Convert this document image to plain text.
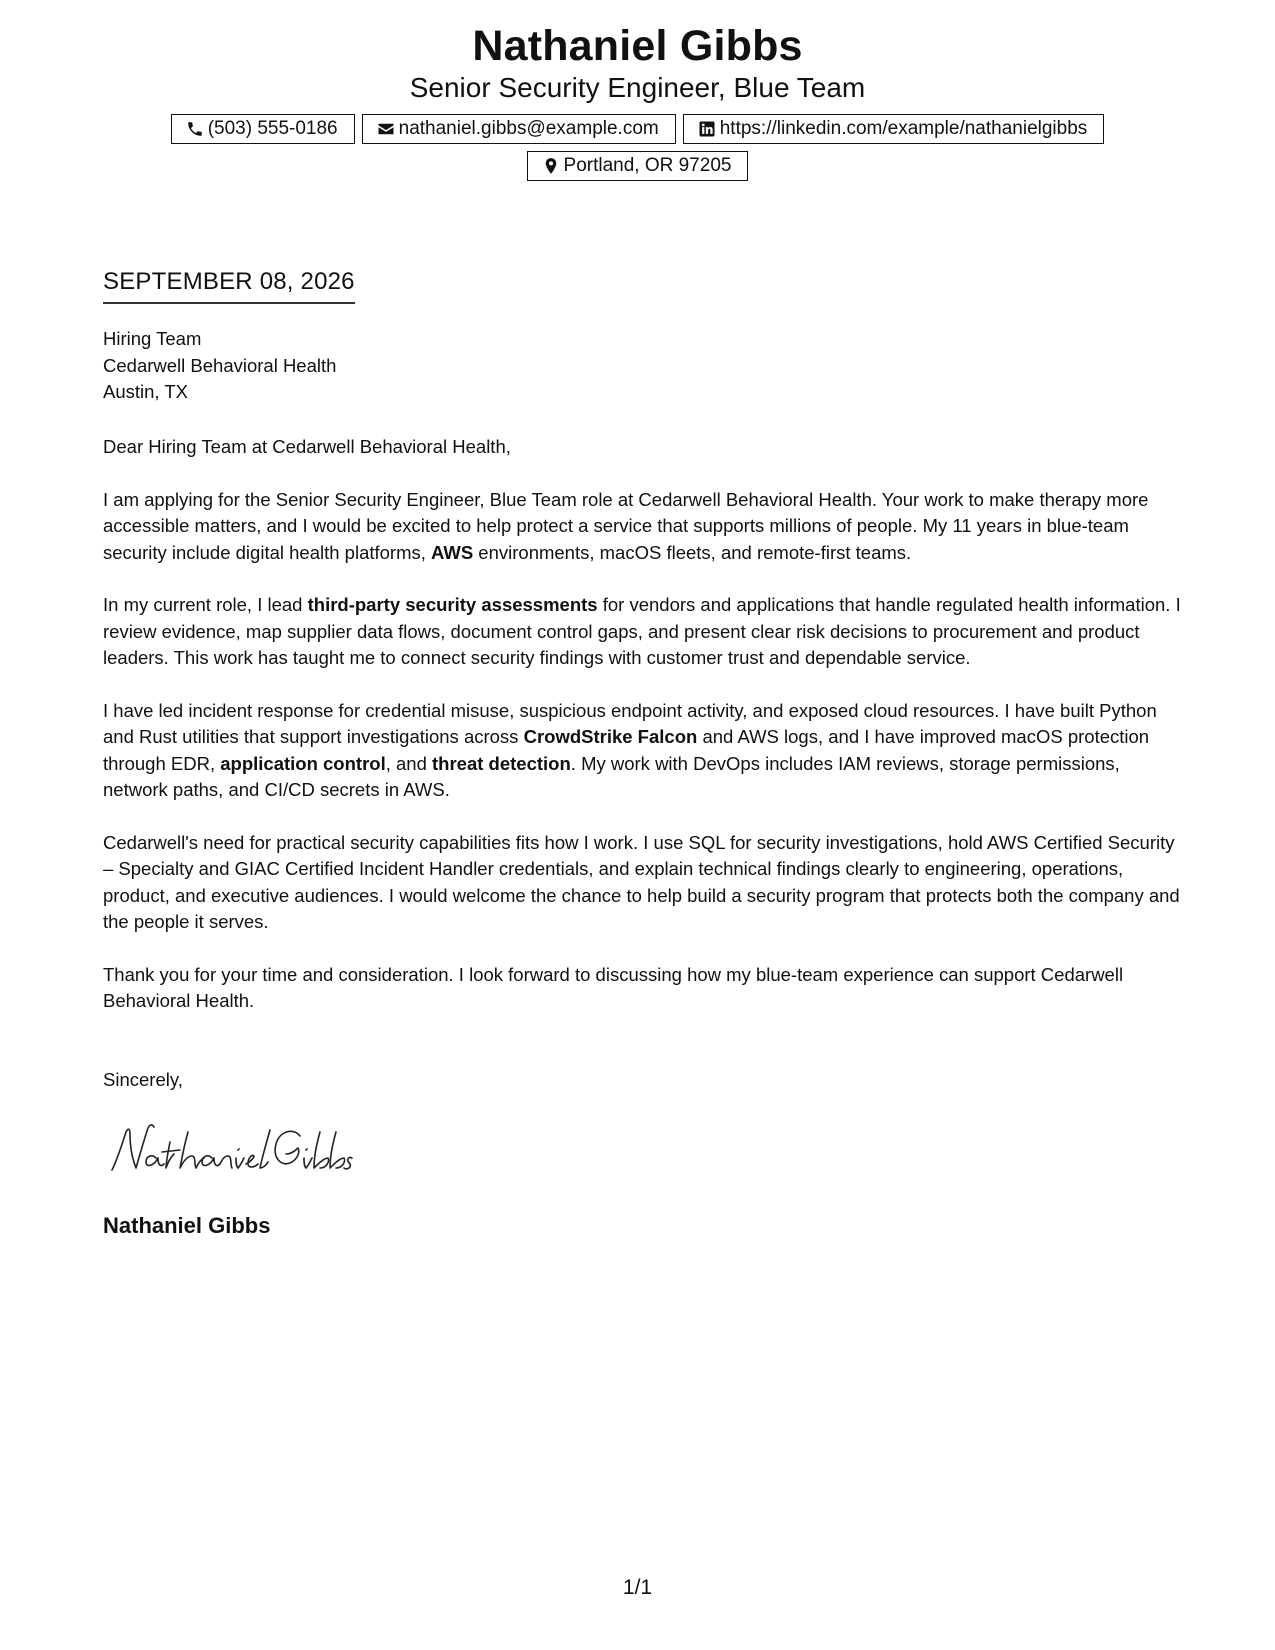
Nathaniel Gibbs
Senior Security Engineer, Blue Team
(503) 555-0186	nathaniel.gibbs@example.com	https://linkedin.com/example/nathanielgibbs
Portland, OR 97205
SEPTEMBER 08, 2026
Hiring Team
Cedarwell Behavioral Health
Austin, TX

Dear Hiring Team at Cedarwell Behavioral Health,

I am applying for the Senior Security Engineer, Blue Team role at Cedarwell Behavioral Health. Your work to make therapy more accessible matters, and I would be excited to help protect a service that supports millions of people. My 11 years in blue-team security include digital health platforms, AWS environments, macOS fleets, and remote-first teams.

In my current role, I lead third-party security assessments for vendors and applications that handle regulated health information. I review evidence, map supplier data flows, document control gaps, and present clear risk decisions to procurement and product leaders. This work has taught me to connect security findings with customer trust and dependable service.

I have led incident response for credential misuse, suspicious endpoint activity, and exposed cloud resources. I have built Python and Rust utilities that support investigations across CrowdStrike Falcon and AWS logs, and I have improved macOS protection through EDR, application control, and threat detection. My work with DevOps includes IAM reviews, storage permissions, network paths, and CI/CD secrets in AWS.

Cedarwell's need for practical security capabilities fits how I work. I use SQL for security investigations, hold AWS Certified Security – Specialty and GIAC Certified Incident Handler credentials, and explain technical findings clearly to engineering, operations, product, and executive audiences. I would welcome the chance to help build a security program that protects both the company and the people it serves.

Thank you for your time and consideration. I look forward to discussing how my blue-team experience can support Cedarwell Behavioral Health.

Sincerely,
Nathaniel Gibbs
1/1
